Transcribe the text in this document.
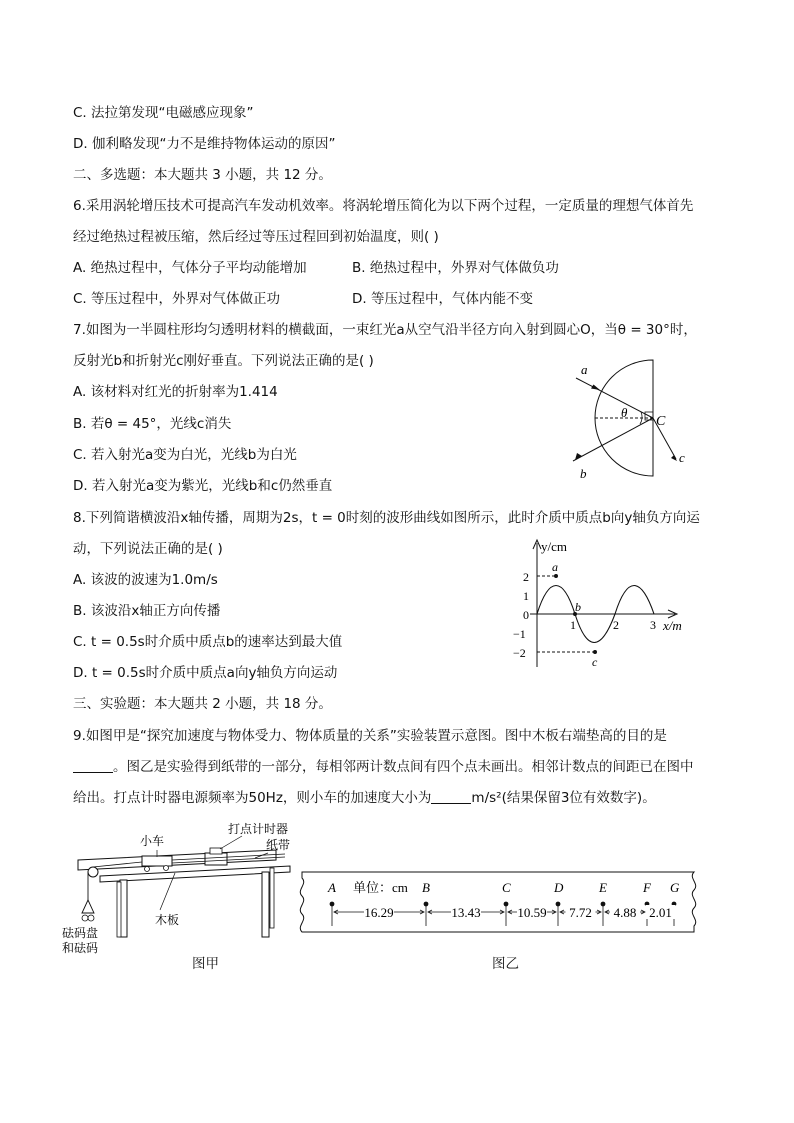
C. 法拉第发现“电磁感应现象”
D. 伽利略发现“力不是维持物体运动的原因”
二、多选题：本大题共 3 小题，共 12 分。
6.采用涡轮增压技术可提高汽车发动机效率。将涡轮增压简化为以下两个过程，一定质量的理想气体首先
经过绝热过程被压缩，然后经过等压过程回到初始温度，则( )
A. 绝热过程中，气体分子平均动能增加	B. 绝热过程中，外界对气体做负功
C. 等压过程中，外界对气体做正功	D. 等压过程中，气体内能不变
7.如图为一半圆柱形均匀透明材料的横截面，一束红光a从空气沿半径方向入射到圆心O，当θ = 30°时，
反射光b和折射光c刚好垂直。下列说法正确的是( )
A. 该材料对红光的折射率为1.414
B. 若θ = 45°，光线c消失
C. 若入射光a变为白光，光线b为白光
D. 若入射光a变为紫光，光线b和c仍然垂直
a
θ
C
b
c
8.下列简谐横波沿x轴传播，周期为2s，t = 0时刻的波形曲线如图所示，此时介质中质点b向y轴负方向运
动，下列说法正确的是( )
A. 该波的波速为1.0m/s
B. 该波沿x轴正方向传播
C. t = 0.5s时介质中质点b的速率达到最大值
D. t = 0.5s时介质中质点a向y轴负方向运动
y/cm
x/m
2
1
0
−1
−2
1	2	3
a
b
c
三、实验题：本大题共 2 小题，共 18 分。
9.如图甲是“探究加速度与物体受力、物体质量的关系”实验装置示意图。图中木板右端垫高的目的是
。图乙是实验得到纸带的一部分，每相邻两计数点间有四个点未画出。相邻计数点的间距已在图中
给出。打点计时器电源频率为50Hz，则小车的加速度大小为	m/s²(结果保留3位有效数字)。
小车
打点计时器
纸带
木板
砝码盘
和砝码
图甲
A	B	C	D	E	F G
16.29	13.43	10.59 7.72 4.88 2.01
单位：cm
图乙
